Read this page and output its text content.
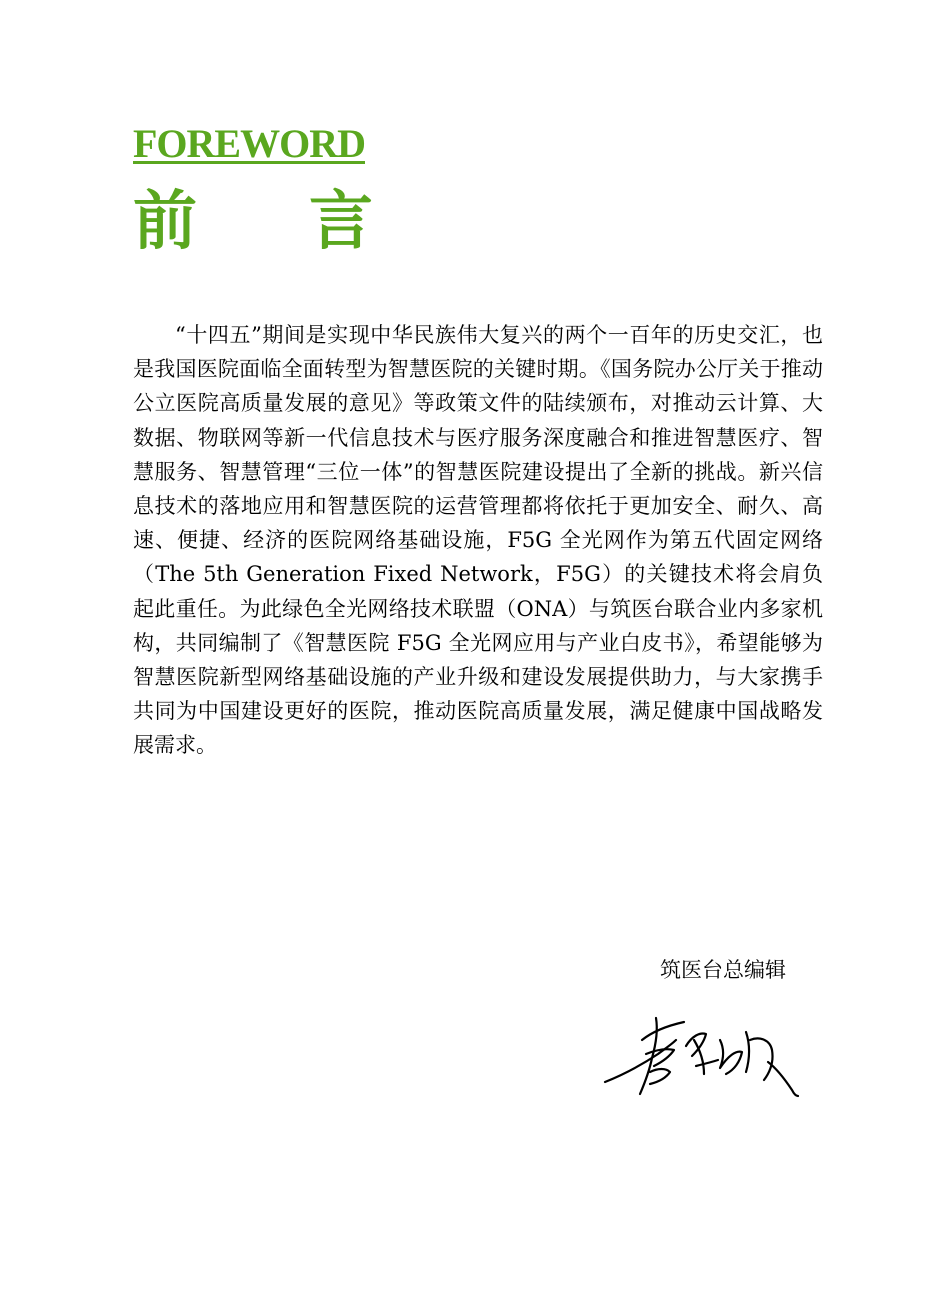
FOREWORD
前 言

“十四五”期间是实现中华民族伟大复兴的两个一百年的历史交汇，也是我国医院面临全面转型为智慧医院的关键时期。《国务院办公厅关于推动公立医院高质量发展的意见》等政策文件的陆续颁布，对推动云计算、大数据、物联网等新一代信息技术与医疗服务深度融合和推进智慧医疗、智慧服务、智慧管理“三位一体”的智慧医院建设提出了全新的挑战。新兴信息技术的落地应用和智慧医院的运营管理都将依托于更加安全、耐久、高速、便捷、经济的医院网络基础设施，F5G 全光网作为第五代固定网络（The 5th Generation Fixed Network，F5G）的关键技术将会肩负起此重任。为此绿色全光网络技术联盟（ONA）与筑医台联合业内多家机构，共同编制了《智慧医院 F5G 全光网应用与产业白皮书》，希望能够为智慧医院新型网络基础设施的产业升级和建设发展提供助力，与大家携手共同为中国建设更好的医院，推动医院高质量发展，满足健康中国战略发展需求。

筑医台总编辑
